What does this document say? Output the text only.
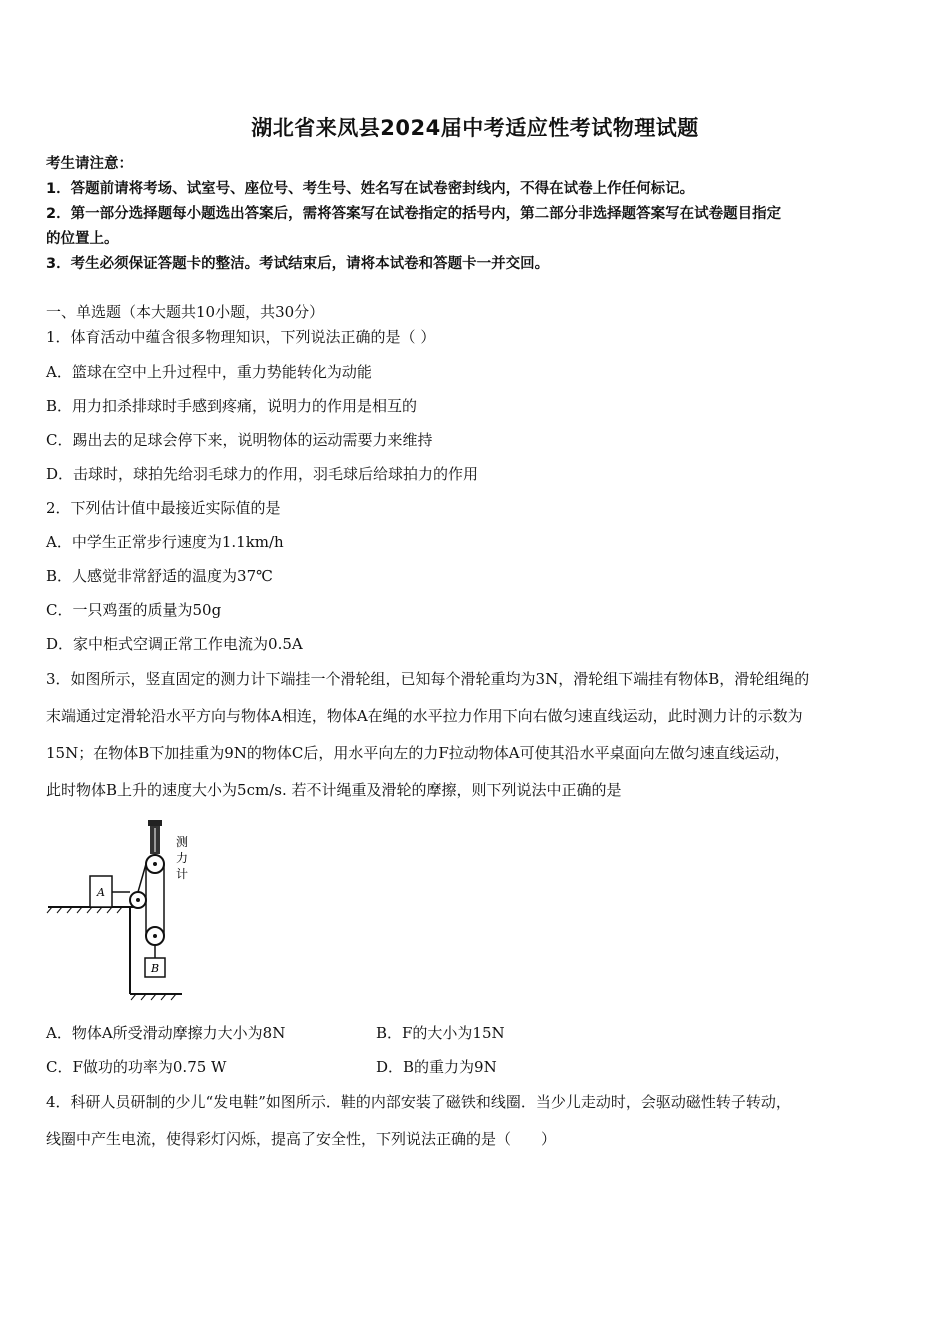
湖北省来凤县2024届中考适应性考试物理试题
考生请注意：
1．答题前请将考场、试室号、座位号、考生号、姓名写在试卷密封线内，不得在试卷上作任何标记。
2．第一部分选择题每小题选出答案后，需将答案写在试卷指定的括号内，第二部分非选择题答案写在试卷题目指定
的位置上。
3．考生必须保证答题卡的整洁。考试结束后，请将本试卷和答题卡一并交回。
一、单选题（本大题共10小题，共30分）
1．体育活动中蕴含很多物理知识，下列说法正确的是（ ）
A．篮球在空中上升过程中，重力势能转化为动能
B．用力扣杀排球时手感到疼痛，说明力的作用是相互的
C．踢出去的足球会停下来，说明物体的运动需要力来维持
D．击球时，球拍先给羽毛球力的作用，羽毛球后给球拍力的作用
2．下列估计值中最接近实际值的是
A．中学生正常步行速度为1.1km/h
B．人感觉非常舒适的温度为37℃
C．一只鸡蛋的质量为50g
D．家中柜式空调正常工作电流为0.5A
3．如图所示，竖直固定的测力计下端挂一个滑轮组，已知每个滑轮重均为3N，滑轮组下端挂有物体B，滑轮组绳的
末端通过定滑轮沿水平方向与物体A相连，物体A在绳的水平拉力作用下向右做匀速直线运动，此时测力计的示数为
15N；在物体B下加挂重为9N的物体C后，用水平向左的力F拉动物体A可使其沿水平桌面向左做匀速直线运动，
此时物体B上升的速度大小为5cm/s. 若不计绳重及滑轮的摩擦，则下列说法中正确的是
A
B
测
力
计
A．物体A所受滑动摩擦力大小为8N	B．F的大小为15N
C．F做功的功率为0.75 W	D．B的重力为9N
4．科研人员研制的少儿“发电鞋”如图所示．鞋的内部安装了磁铁和线圈．当少儿走动时，会驱动磁性转子转动，
线圈中产生电流，使得彩灯闪烁，提高了安全性，下列说法正确的是（　　）
